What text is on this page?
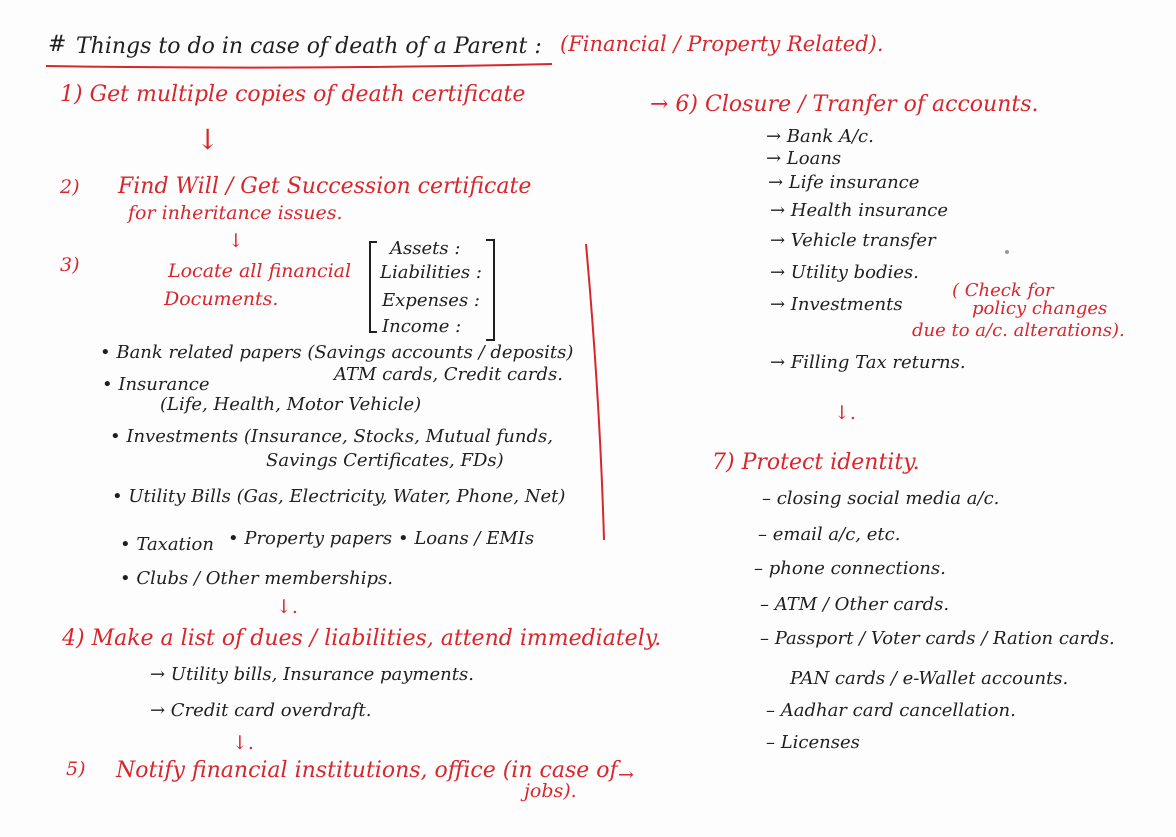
# Things to do in case of death of a Parent : (Financial / Property Related).
1) Get multiple copies of death certificate
↓
2) Find Will / Get Succession certificate
for inheritance issues.
↓
3)	Locate all financial
Documents.
Assets :
Liabilities :
Expenses :
Income :
• Bank related papers (Savings accounts / deposits)
ATM cards, Credit cards.
• Insurance
(Life, Health, Motor Vehicle)
• Investments (Insurance, Stocks, Mutual funds,
Savings Certificates, FDs)
• Utility Bills (Gas, Electricity, Water, Phone, Net)
• Taxation • Property papers • Loans / EMIs
• Clubs / Other memberships.
↓.
4) Make a list of dues / liabilities, attend immediately.
→ Utility bills, Insurance payments.
→ Credit card overdraft.
↓.
5) Notify financial institutions, office (in case of
jobs).
→
→ 6) Closure / Tranfer of accounts.
→ Bank A/c.
→ Loans
→ Life insurance
→ Health insurance
→ Vehicle transfer
→ Utility bodies.
→ Investments
( Check for
policy changes
due to a/c. alterations).
→ Filling Tax returns.
↓.
7) Protect identity.
– closing social media a/c.
– email a/c, etc.
– phone connections.
– ATM / Other cards.
– Passport / Voter cards / Ration cards.
PAN cards / e-Wallet accounts.
– Aadhar card cancellation.
– Licenses
